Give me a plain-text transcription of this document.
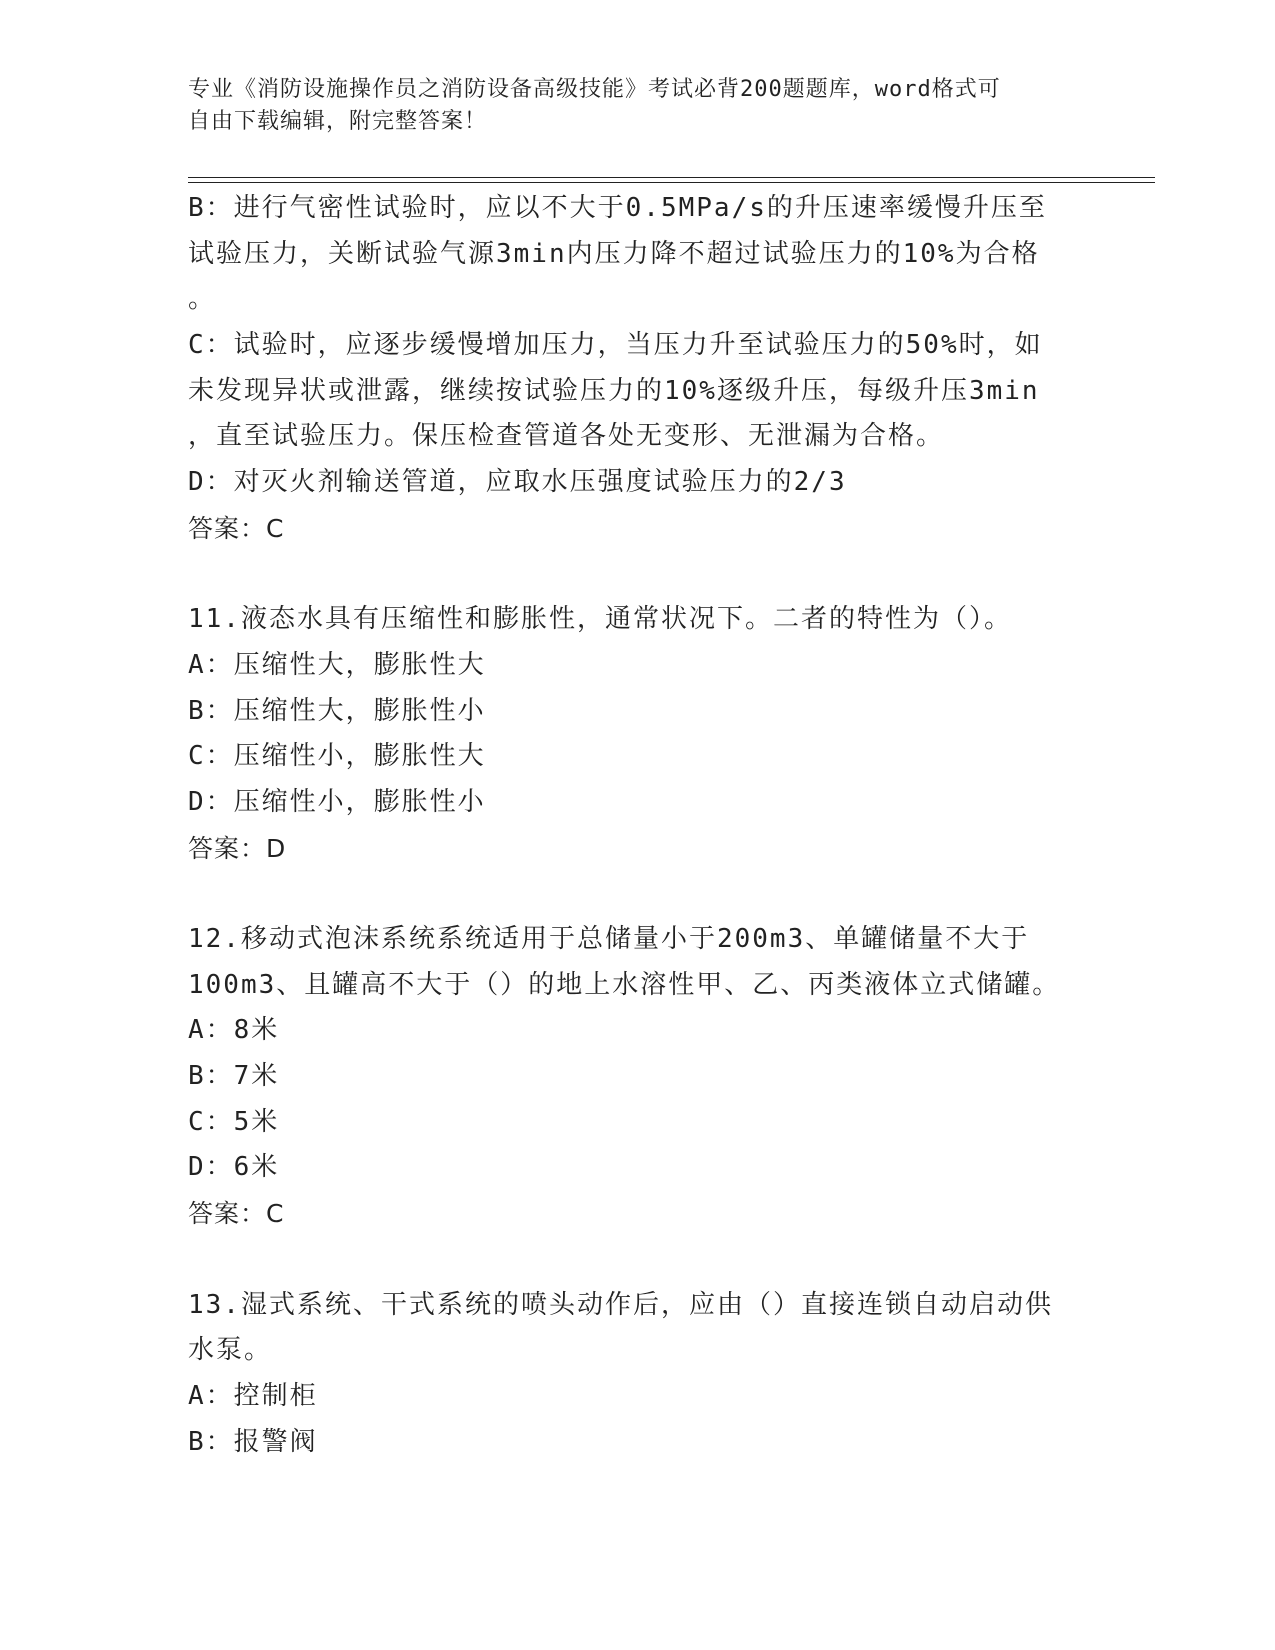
专业《消防设施操作员之消防设备高级技能》考试必背200题题库，word格式可
自由下载编辑，附完整答案！
B：进行气密性试验时，应以不大于0.5MPa/s的升压速率缓慢升压至
试验压力，关断试验气源3min内压力降不超过试验压力的10%为合格
。
C：试验时，应逐步缓慢增加压力，当压力升至试验压力的50%时，如
未发现异状或泄露，继续按试验压力的10%逐级升压，每级升压3min
，直至试验压力。保压检查管道各处无变形、无泄漏为合格。
D：对灭火剂输送管道，应取水压强度试验压力的2/3
答案：C
11.液态水具有压缩性和膨胀性，通常状况下。二者的特性为（）。
A：压缩性大，膨胀性大
B：压缩性大，膨胀性小
C：压缩性小，膨胀性大
D：压缩性小，膨胀性小
答案：D
12.移动式泡沫系统系统适用于总储量小于200m3、单罐储量不大于
100m3、且罐高不大于（）的地上水溶性甲、乙、丙类液体立式储罐。
A：8米
B：7米
C：5米
D：6米
答案：C
13.湿式系统、干式系统的喷头动作后，应由（）直接连锁自动启动供
水泵。
A：控制柜
B：报警阀
